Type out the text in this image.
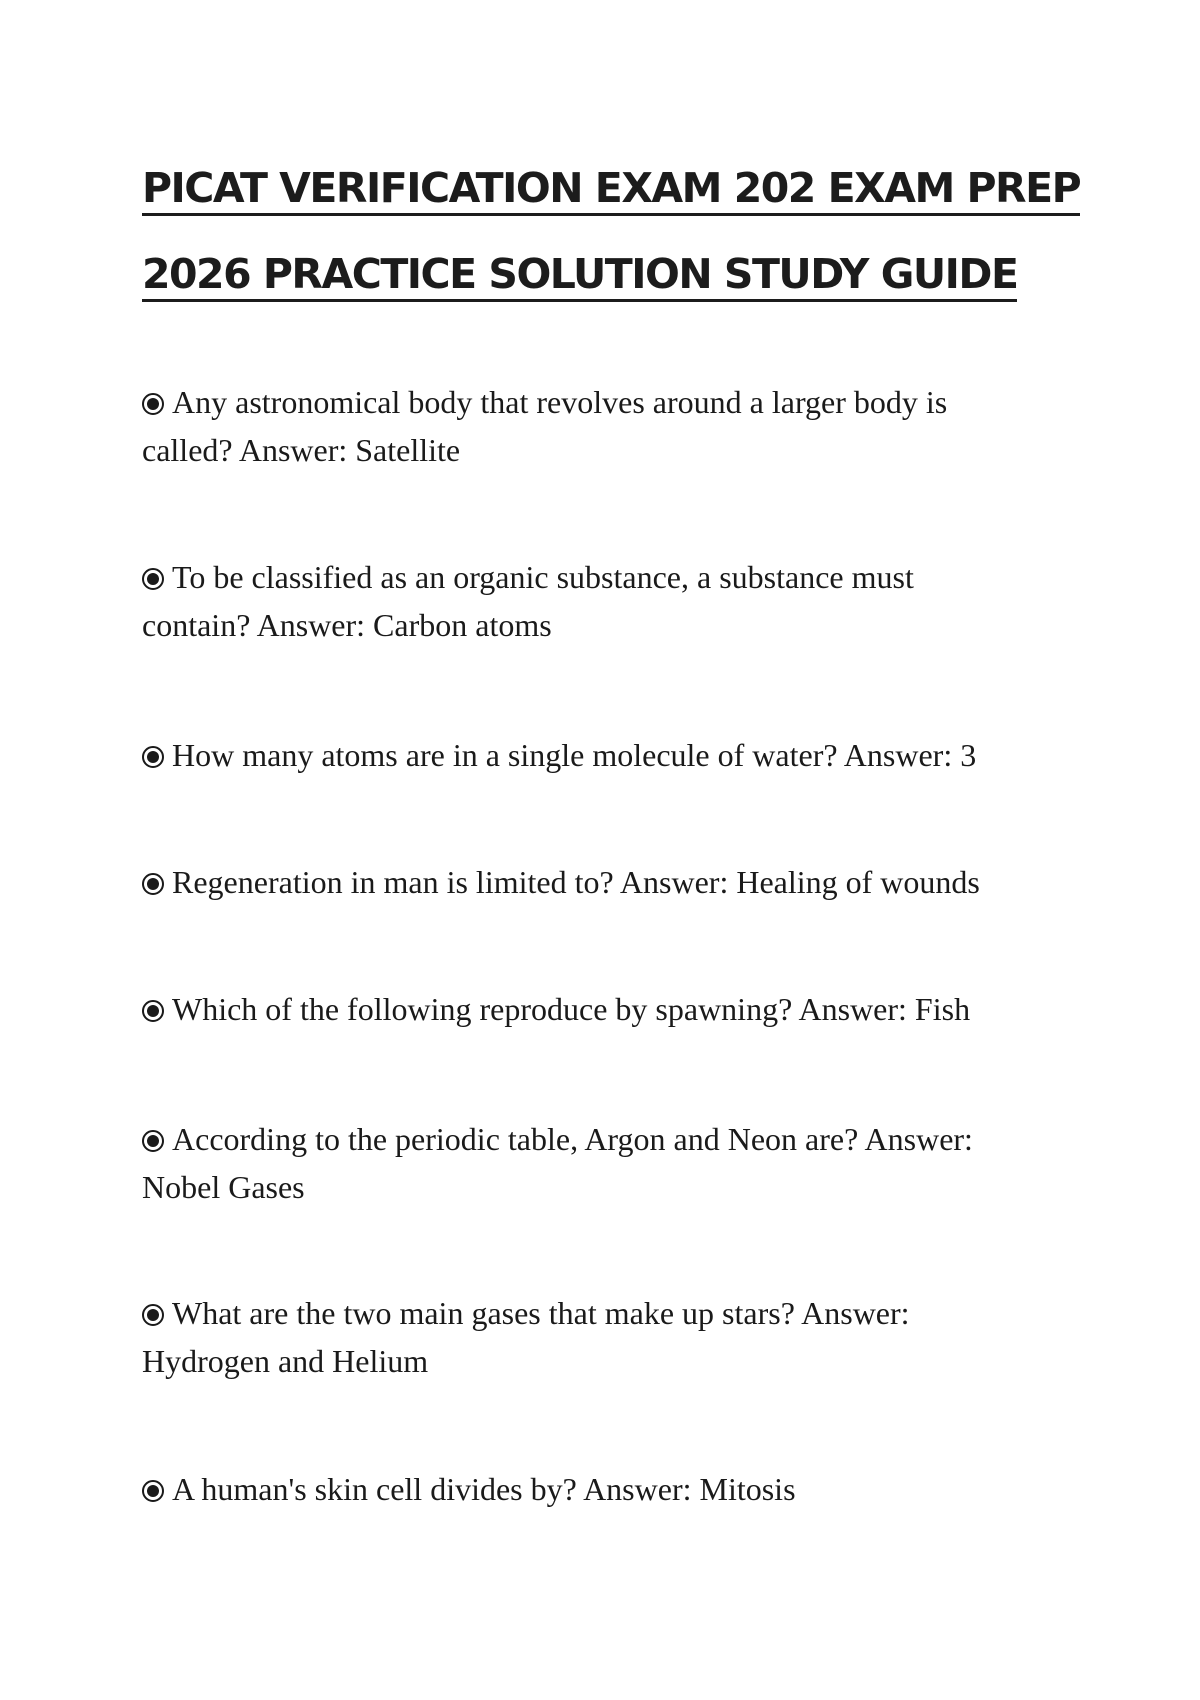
PICAT VERIFICATION EXAM 202 EXAM PREP
2026 PRACTICE SOLUTION STUDY GUIDE

Any astronomical body that revolves around a larger body is called? Answer: Satellite

To be classified as an organic substance, a substance must contain? Answer: Carbon atoms

How many atoms are in a single molecule of water? Answer: 3

Regeneration in man is limited to? Answer: Healing of wounds

Which of the following reproduce by spawning? Answer: Fish

According to the periodic table, Argon and Neon are? Answer: Nobel Gases

What are the two main gases that make up stars? Answer: Hydrogen and Helium

A human's skin cell divides by? Answer: Mitosis
